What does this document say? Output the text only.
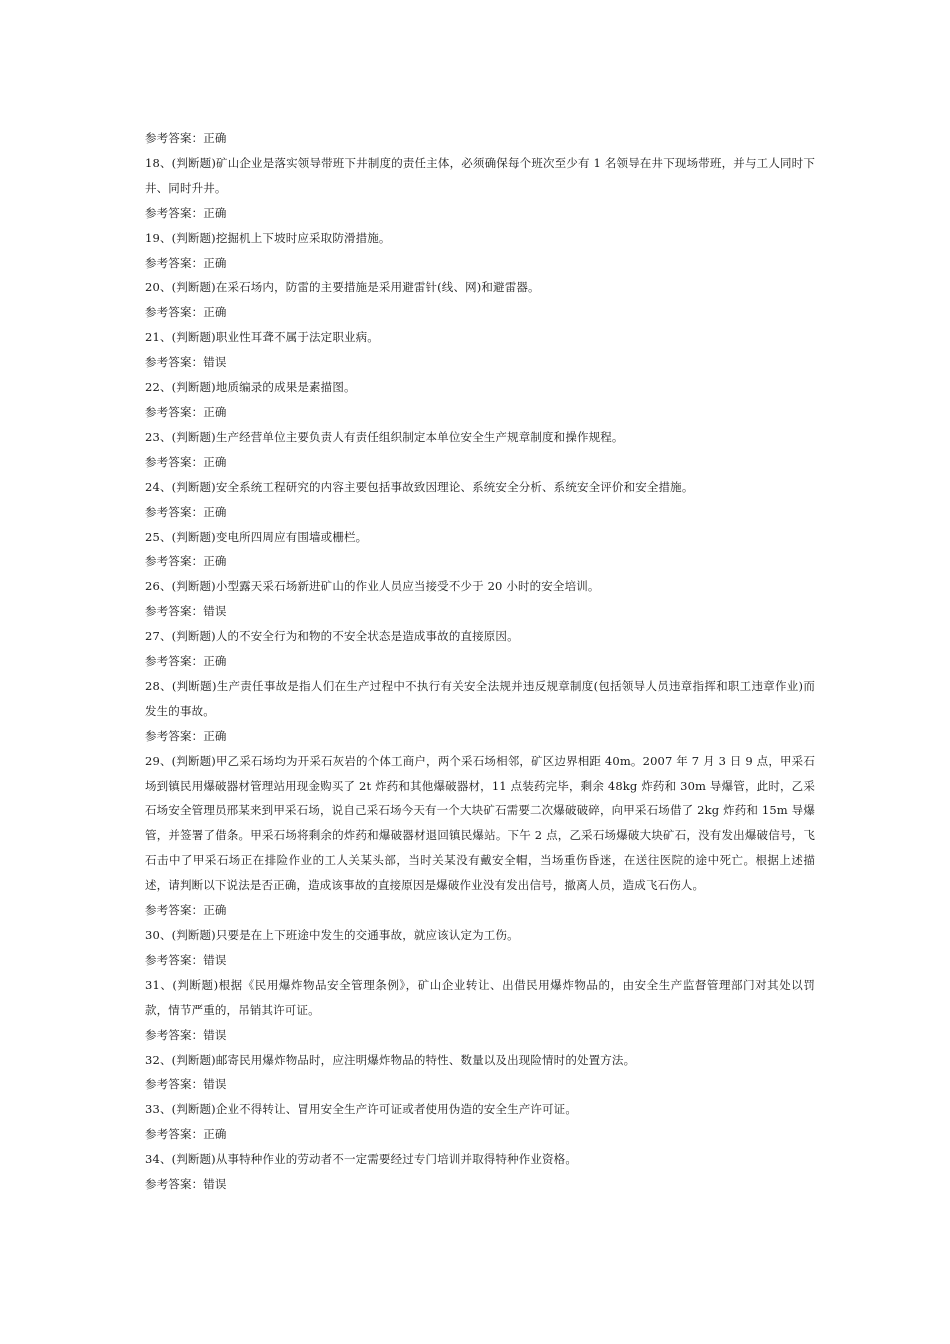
参考答案：正确
18、(判断题)矿山企业是落实领导带班下井制度的责任主体，必须确保每个班次至少有 1 名领导在井下现场带班，并与工人同时下井、同时升井。
参考答案：正确
19、(判断题)挖掘机上下坡时应采取防滑措施。
参考答案：正确
20、(判断题)在采石场内，防雷的主要措施是采用避雷针(线、网)和避雷器。
参考答案：正确
21、(判断题)职业性耳聋不属于法定职业病。
参考答案：错误
22、(判断题)地质编录的成果是素描图。
参考答案：正确
23、(判断题)生产经营单位主要负责人有责任组织制定本单位安全生产规章制度和操作规程。
参考答案：正确
24、(判断题)安全系统工程研究的内容主要包括事故致因理论、系统安全分析、系统安全评价和安全措施。
参考答案：正确
25、(判断题)变电所四周应有围墙或栅栏。
参考答案：正确
26、(判断题)小型露天采石场新进矿山的作业人员应当接受不少于 20 小时的安全培训。
参考答案：错误
27、(判断题)人的不安全行为和物的不安全状态是造成事故的直接原因。
参考答案：正确
28、(判断题)生产责任事故是指人们在生产过程中不执行有关安全法规并违反规章制度(包括领导人员违章指挥和职工违章作业)而发生的事故。
参考答案：正确
29、(判断题)甲乙采石场均为开采石灰岩的个体工商户，两个采石场相邻，矿区边界相距 40m。2007 年 7 月 3 日 9 点，甲采石场到镇民用爆破器材管理站用现金购买了 2t 炸药和其他爆破器材，11 点装药完毕，剩余 48kg 炸药和 30m 导爆管，此时，乙采石场安全管理员邢某来到甲采石场，说自己采石场今天有一个大块矿石需要二次爆破破碎，向甲采石场借了 2kg 炸药和 15m 导爆管，并签署了借条。甲采石场将剩余的炸药和爆破器材退回镇民爆站。下午 2 点，乙采石场爆破大块矿石，没有发出爆破信号，飞石击中了甲采石场正在排险作业的工人关某头部，当时关某没有戴安全帽，当场重伤昏迷，在送往医院的途中死亡。根据上述描述，请判断以下说法是否正确，造成该事故的直接原因是爆破作业没有发出信号，撤离人员，造成飞石伤人。
参考答案：正确
30、(判断题)只要是在上下班途中发生的交通事故，就应该认定为工伤。
参考答案：错误
31、(判断题)根据《民用爆炸物品安全管理条例》，矿山企业转让、出借民用爆炸物品的，由安全生产监督管理部门对其处以罚款，情节严重的，吊销其许可证。
参考答案：错误
32、(判断题)邮寄民用爆炸物品时，应注明爆炸物品的特性、数量以及出现险情时的处置方法。
参考答案：错误
33、(判断题)企业不得转让、冒用安全生产许可证或者使用伪造的安全生产许可证。
参考答案：正确
34、(判断题)从事特种作业的劳动者不一定需要经过专门培训并取得特种作业资格。
参考答案：错误
